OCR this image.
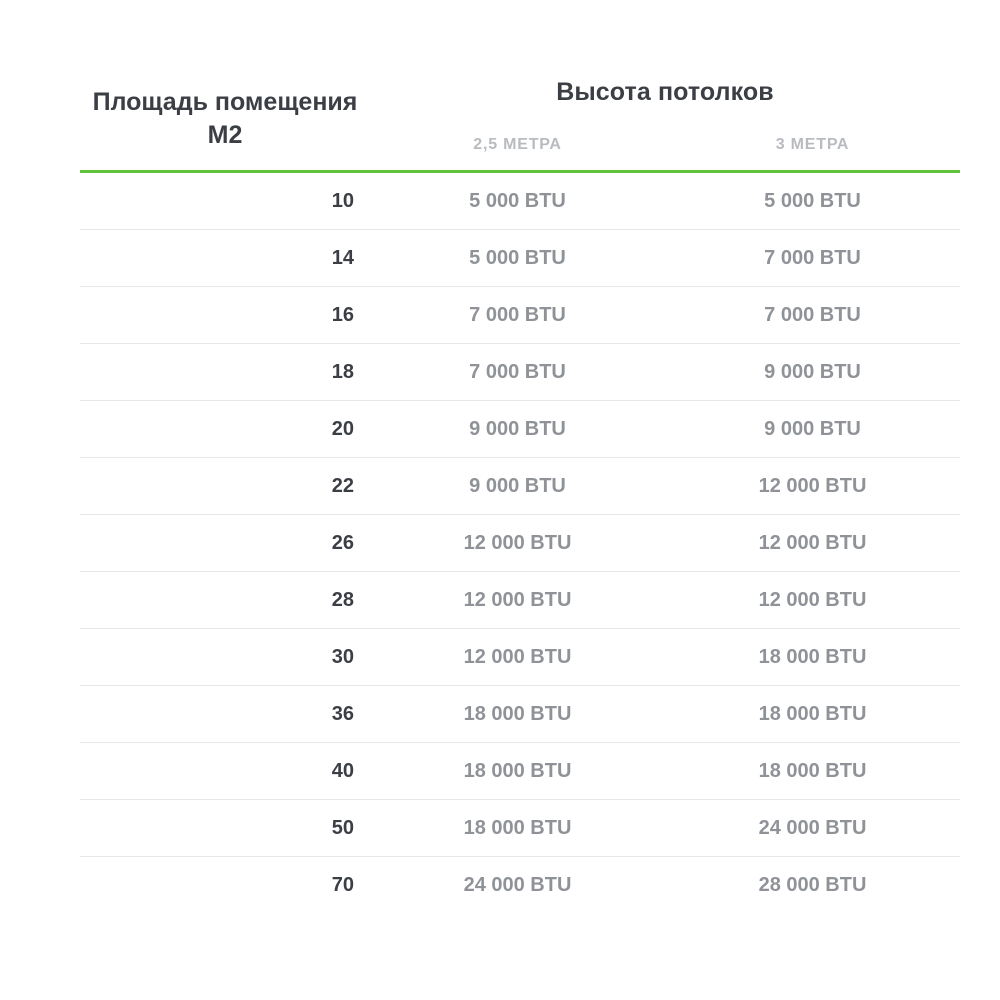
Площадь помещения М2
Высота потолков
2,5 МЕТРА	3 МЕТРА
10	5 000 BTU	5 000 BTU
14	5 000 BTU	7 000 BTU
16	7 000 BTU	7 000 BTU
18	7 000 BTU	9 000 BTU
20	9 000 BTU	9 000 BTU
22	9 000 BTU	12 000 BTU
26	12 000 BTU	12 000 BTU
28	12 000 BTU	12 000 BTU
30	12 000 BTU	18 000 BTU
36	18 000 BTU	18 000 BTU
40	18 000 BTU	18 000 BTU
50	18 000 BTU	24 000 BTU
70	24 000 BTU	28 000 BTU
